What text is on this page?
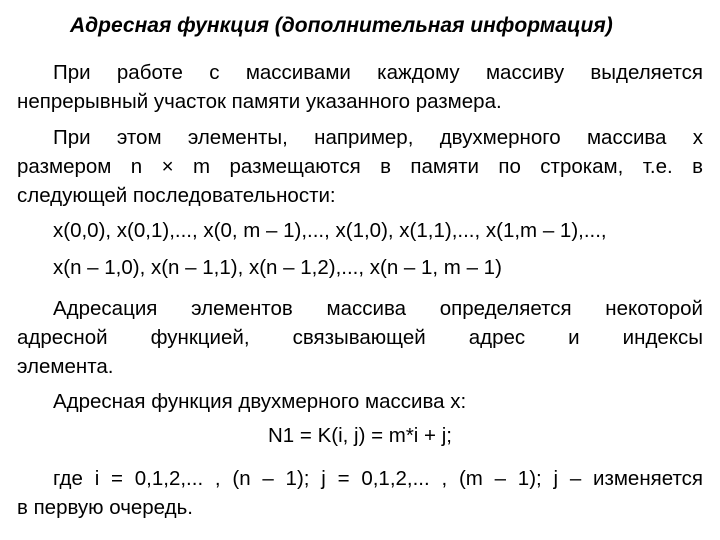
Адресная функция (дополнительная информация)
При работе с массивами каждому массиву выделяется
непрерывный участок памяти указанного размера.
При этом элементы, например, двухмерного массива x
размером n × m размещаются в памяти по строкам, т.е. в
следующей последовательности:
x(0,0), x(0,1),..., x(0, m – 1),..., x(1,0), x(1,1),..., x(1,m – 1),...,
x(n – 1,0), x(n – 1,1), x(n – 1,2),..., x(n – 1, m – 1)
Адресация элементов массива определяется некоторой
адресной функцией, связывающей адрес и индексы
элемента.
Адресная функция двухмерного массива x:
N1 = K(i, j) = m*i + j;
где i = 0,1,2,... , (n – 1); j = 0,1,2,... , (m – 1); j – изменяется
в первую очередь.
